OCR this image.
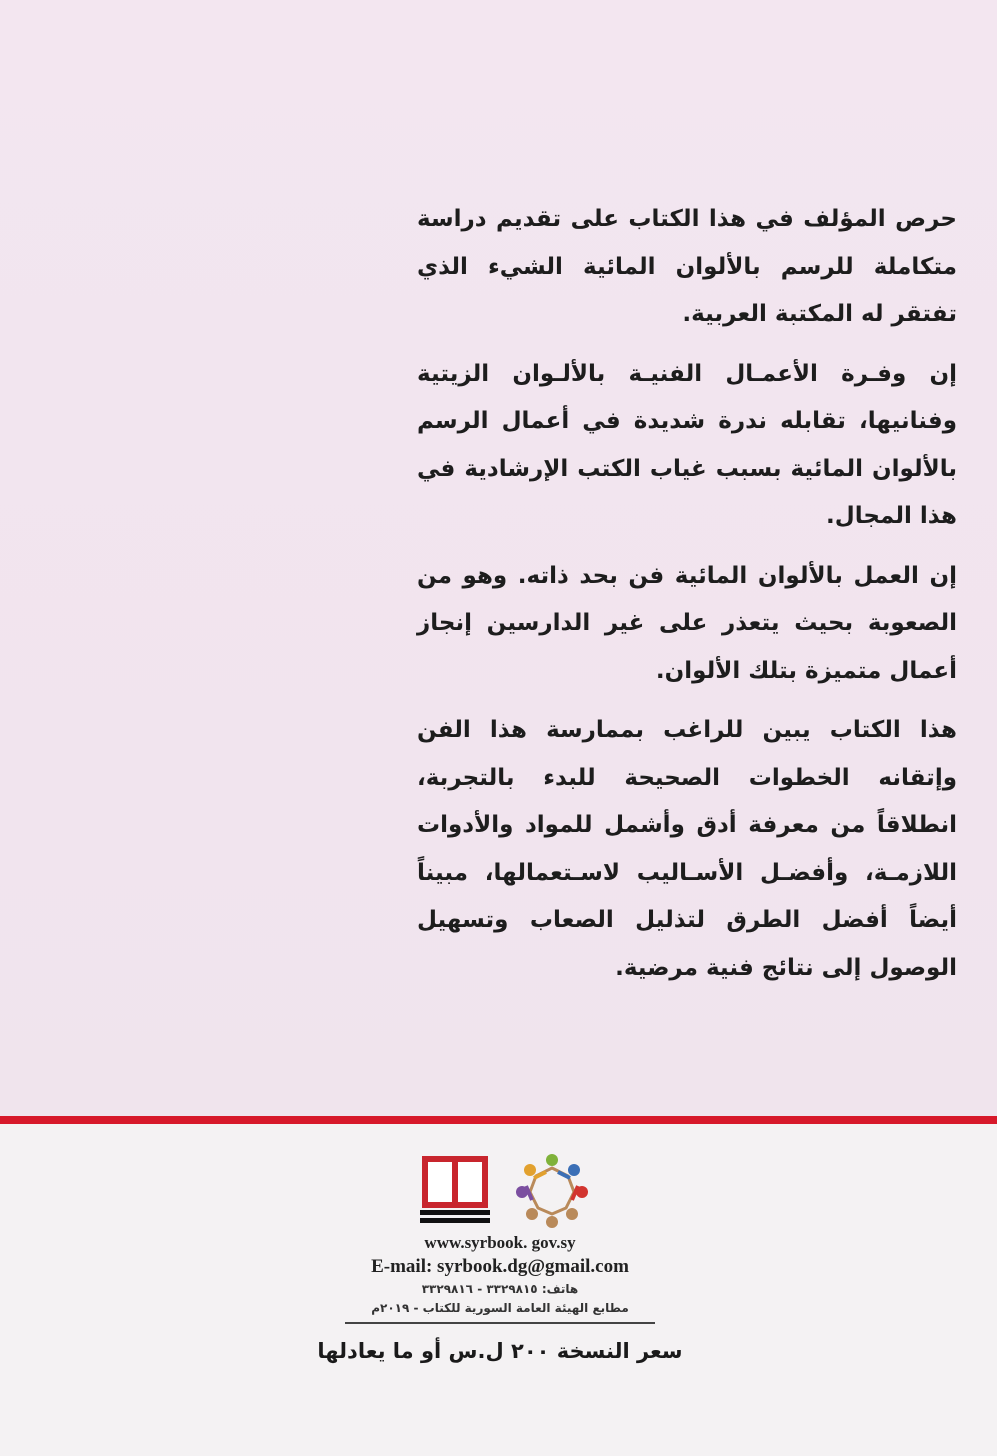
حرص المؤلف في هذا الكتاب على تقديم دراسة متكاملة للرسم بالألوان المائية الشيء الذي تفتقر له المكتبة العربية.

إن وفـرة الأعمـال الفنيـة بالألـوان الزيتية وفنانيها، تقابله ندرة شديدة في أعمال الرسم بالألوان المائية بسبب غياب الكتب الإرشادية في هذا المجال.

إن العمل بالألوان المائية فن بحد ذاته. وهو من الصعوبة بحيث يتعذر على غير الدارسين إنجاز أعمال متميزة بتلك الألوان.

هذا الكتاب يبين للراغب بممارسة هذا الفن وإتقانه الخطوات الصحيحة للبدء بالتجربة، انطلاقاً من معرفة أدق وأشمل للمواد والأدوات اللازمـة، وأفضـل الأسـاليب لاسـتعمالها، مبيناً أيضاً أفضل الطرق لتذليل الصعاب وتسهيل الوصول إلى نتائج فنية مرضية.

www.syrbook. gov.sy
E-mail: syrbook.dg@gmail.com
هاتف: ٣٣٢٩٨١٥ - ٣٣٢٩٨١٦
مطابع الهيئة العامة السورية للكتاب - ٢٠١٩م
سعر النسخة ٢٠٠ ل.س أو ما يعادلها
